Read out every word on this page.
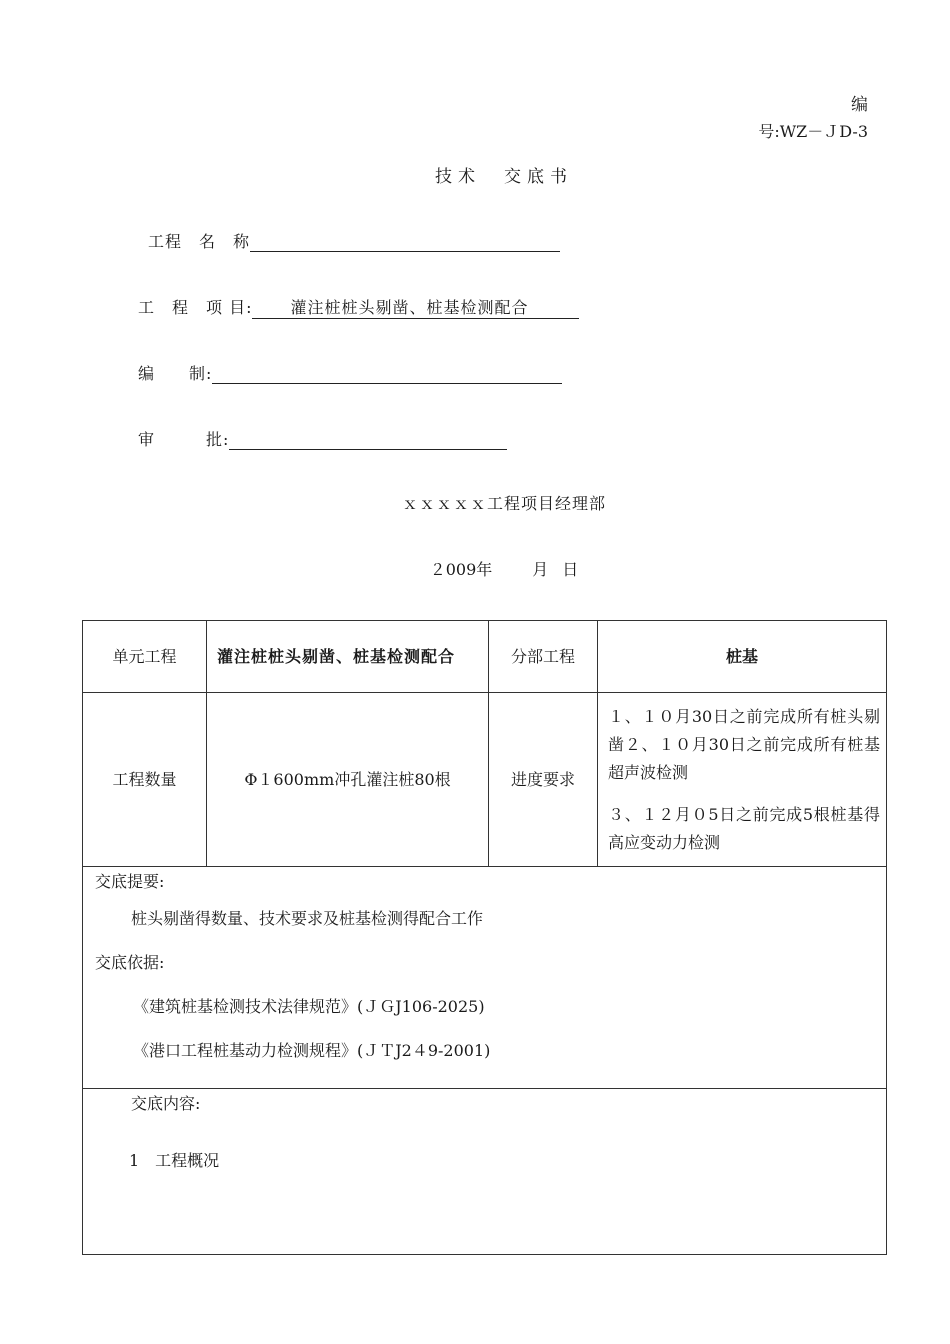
编
号:WZ－ＪD-3
技术　交底书
工程　名　称
工　程　项 目: 灌注桩桩头剔凿、桩基检测配合
编　　制:
审　　　批:
ｘｘｘｘｘ工程项目经理部
２009年	月 日
单元工程	灌注桩桩头剔凿、桩基检测配合	分部工程	桩基
工程数量	Φ１600mm冲孔灌注桩80根	进度要求	１、１０月30日之前完成所有桩头剔凿２、１０月30日之前完成所有桩基超声波检测

３、１２月０5日之前完成5根桩基得高应变动力检测

交底提要:
桩头剔凿得数量、技术要求及桩基检测得配合工作
交底依据:
《建筑桩基检测技术法律规范》(ＪＧJ106-2025)
《港口工程桩基动力检测规程》(ＪＴJ2４9-2001)			

交底内容:
1　工程概况			
